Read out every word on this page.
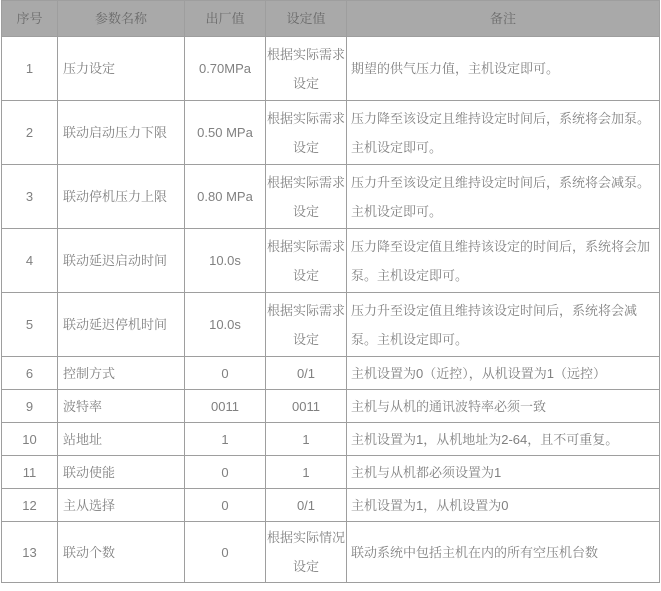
序号	参数名称	出厂值	设定值	备注
1	压力设定	0.70MPa	根据实际需求设定	期望的供气压力值，主机设定即可。
2	联动启动压力下限	0.50 MPa	根据实际需求设定	压力降至该设定且维持设定时间后，系统将会加泵。主机设定即可。
3	联动停机压力上限	0.80 MPa	根据实际需求设定	压力升至该设定且维持设定时间后，系统将会减泵。主机设定即可。
4	联动延迟启动时间	10.0s	根据实际需求设定	压力降至设定值且维持该设定的时间后，系统将会加泵。主机设定即可。
5	联动延迟停机时间	10.0s	根据实际需求设定	压力升至设定值且维持该设定时间后，系统将会减泵。主机设定即可。
6	控制方式	0	0/1	主机设置为0（近控），从机设置为1（远控）
9	波特率	0011	0011	主机与从机的通讯波特率必须一致
10	站地址	1	1	主机设置为1，从机地址为2-64，且不可重复。
11	联动使能	0	1	主机与从机都必须设置为1
12	主从选择	0	0/1	主机设置为1，从机设置为0
13	联动个数	0	根据实际情况设定	联动系统中包括主机在内的所有空压机台数
